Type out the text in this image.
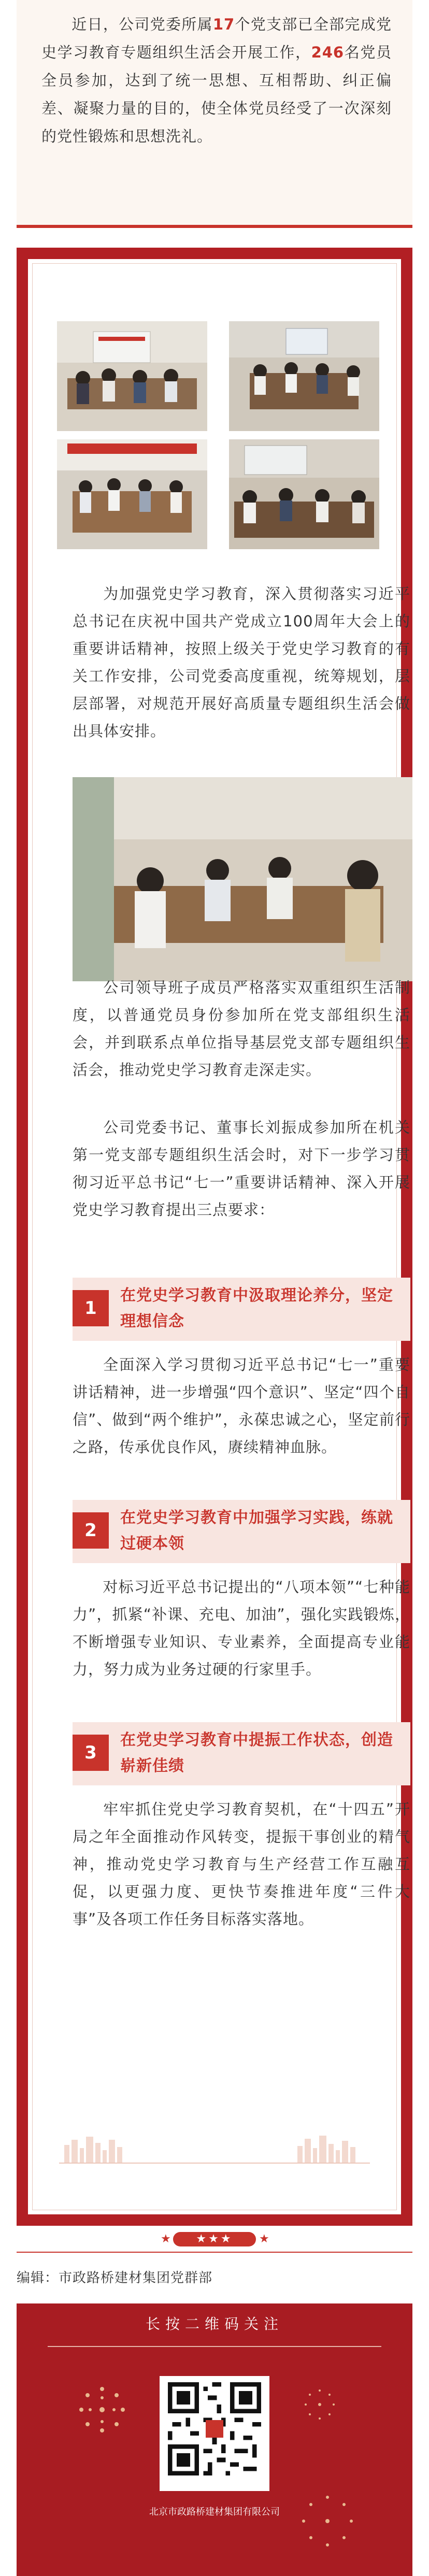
近日，公司党委所属17个党支部已全部完成党史学习教育专题组织生活会开展工作，246名党员全员参加，达到了统一思想、互相帮助、纠正偏差、凝聚力量的目的，使全体党员经受了一次深刻的党性锻炼和思想洗礼。

为加强党史学习教育，深入贯彻落实习近平总书记在庆祝中国共产党成立100周年大会上的重要讲话精神，按照上级关于党史学习教育的有关工作安排，公司党委高度重视，统筹规划，层层部署，对规范开展好高质量专题组织生活会做出具体安排。

公司领导班子成员严格落实双重组织生活制度，以普通党员身份参加所在党支部组织生活会，并到联系点单位指导基层党支部专题组织生活会，推动党史学习教育走深走实。

公司党委书记、董事长刘振成参加所在机关第一党支部专题组织生活会时，对下一步学习贯彻习近平总书记“七一”重要讲话精神、深入开展党史学习教育提出三点要求：

1
在党史学习教育中汲取理论养分，坚定理想信念

全面深入学习贯彻习近平总书记“七一”重要讲话精神，进一步增强“四个意识”、坚定“四个自信”、做到“两个维护”，永葆忠诚之心，坚定前行之路，传承优良作风，赓续精神血脉。

2
在党史学习教育中加强学习实践，练就过硬本领

对标习近平总书记提出的“八项本领”“七种能力”，抓紧“补课、充电、加油”，强化实践锻炼，不断增强专业知识、专业素养，全面提高专业能力，努力成为业务过硬的行家里手。

3
在党史学习教育中提振工作状态，创造崭新佳绩

牢牢抓住党史学习教育契机，在“十四五”开局之年全面推动作风转变，提振干事创业的精气神，推动党史学习教育与生产经营工作互融互促，以更强力度、更快节奏推进年度“三件大事”及各项工作任务目标落实落地。

★	★★★	★
编辑：市政路桥建材集团党群部
长按二维码关注
北京市政路桥建材集团有限公司
